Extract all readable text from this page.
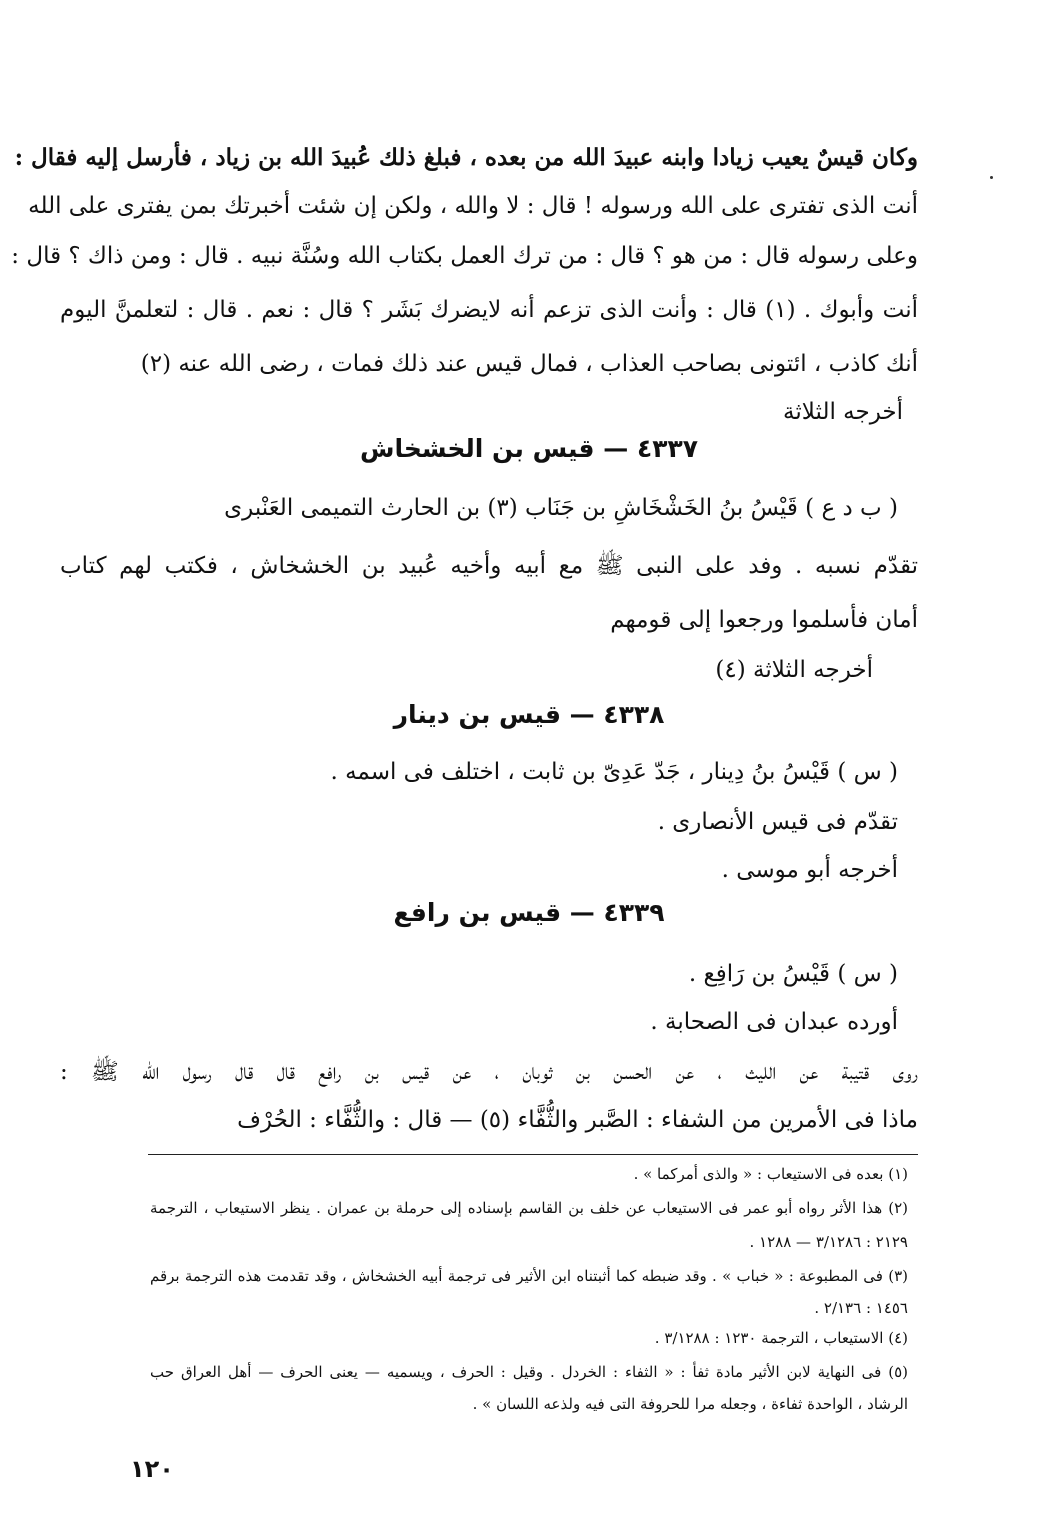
وكان قيسٌ يعيب زيادا وابنه عبيدَ الله من بعده ، فبلغ ذلك عُبيدَ الله بن زياد ، فأرسل إليه فقال :
أنت الذى تفترى على الله ورسوله ! قال : لا والله ، ولكن إن شئت أخبرتك بمن يفترى على الله
وعلى رسوله قال : من هو ؟ قال : من ترك العمل بكتاب الله وسُنَّة نبيه . قال : ومن ذاك ؟ قال :
أنت وأبوك . (١) قال : وأنت الذى تزعم أنه لايضرك بَشَر ؟ قال : نعم . قال : لتعلمنَّ اليوم
أنك كاذب ، ائتونى بصاحب العذاب ، فمال قيس عند ذلك فمات ، رضى الله عنه (٢)
أخرجه الثلاثة
٤٣٣٧ — قيس بن الخشخاش
( ب د ع ) قَيْسُ بنُ الخَشْخَاشِ بن جَنَاب (٣) بن الحارث التميمى العَنْبرى
تقدّم نسبه . وفد على النبى ﷺ مع أبيه وأخيه عُبيد بن الخشخاش ، فكتب لهم كتاب
أمان فأسلموا ورجعوا إلى قومهم
أخرجه الثلاثة (٤)
٤٣٣٨ — قيس بن دينار
( س ) قَيْسُ بنُ دِينار ، جَدّ عَدِىّ بن ثابت ، اختلف فى اسمه .
تقدّم فى قيس الأنصارى .
أخرجه أبو موسى .
٤٣٣٩ — قيس بن رافع
( س ) قَيْسُ بن رَافِع .
أورده عبدان فى الصحابة .
روى قتيبة عن الليث ، عن الحسن بن ثوبان ، عن قيس بن رافع قال قال رسول الله ﷺ :
ماذا فى الأمرين من الشفاء : الصَّبر والثُّفَّاء (٥) — قال : والثُّفَّاء : الحُرْف
(١) بعده فى الاستيعاب : « والذى أمركما » .
(٢) هذا الأثر رواه أبو عمر فى الاستيعاب عن خلف بن القاسم بإسناده إلى حرملة بن عمران . ينظر الاستيعاب ، الترجمة
٢١٢٩ : ٣/١٢٨٦ — ١٢٨٨ .
(٣) فى المطبوعة : « خباب » . وقد ضبطه كما أثبتناه ابن الأثير فى ترجمة أبيه الخشخاش ، وقد تقدمت هذه الترجمة برقم
١٤٥٦ : ٢/١٣٦ .
(٤) الاستيعاب ، الترجمة ١٢٣٠ : ٣/١٢٨٨ .
(٥) فى النهاية لابن الأثير مادة ثفأ : « الثفاء : الخردل . وقيل : الحرف ، ويسميه — يعنى الحرف — أهل العراق حب
الرشاد ، الواحدة ثفاءة ، وجعله مرا للحروفة التى فيه ولذعه اللسان » .
١٢٠
